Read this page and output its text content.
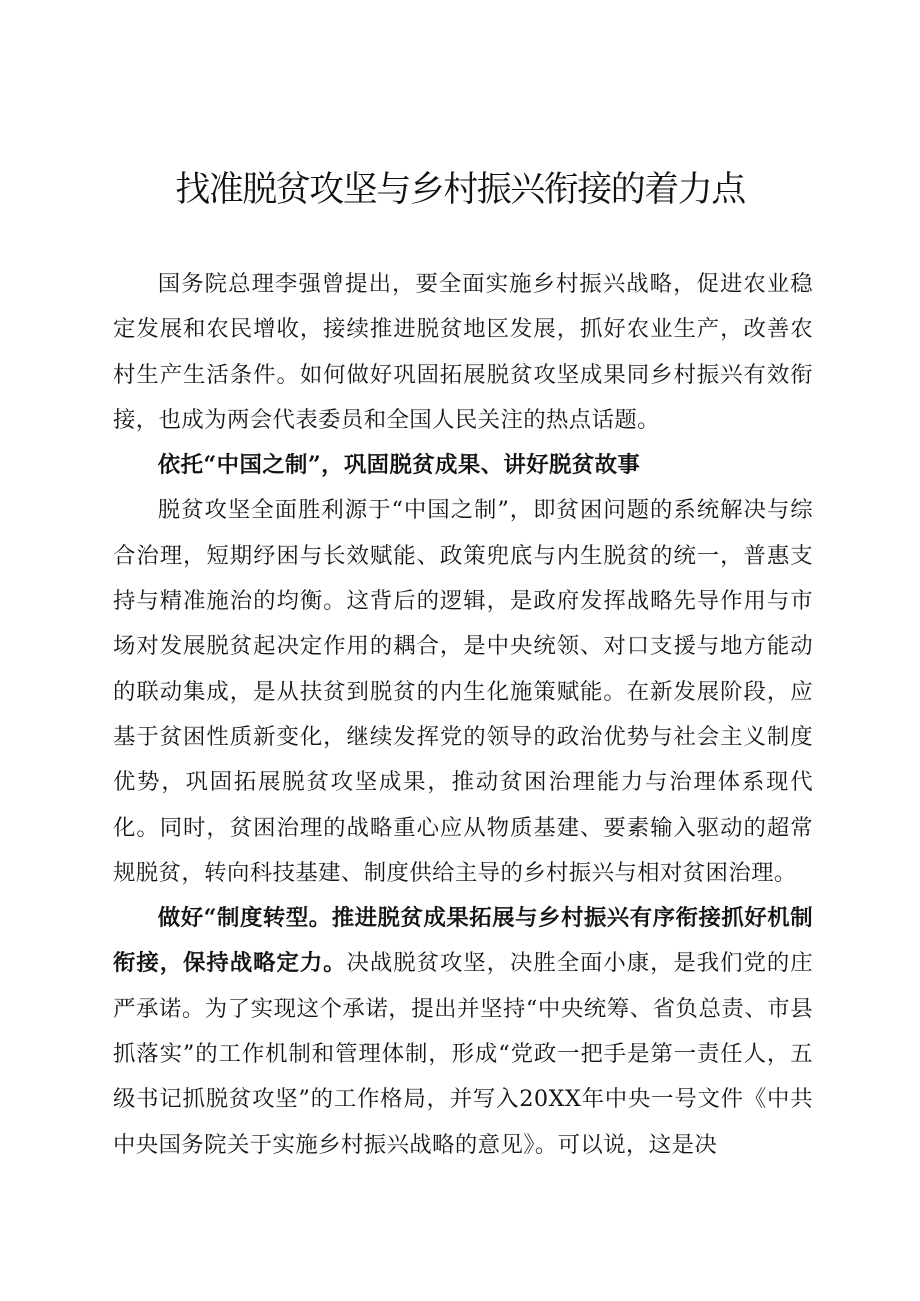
找准脱贫攻坚与乡村振兴衔接的着力点

国务院总理李强曾提出，要全面实施乡村振兴战略，促进农业稳定发展和农民增收，接续推进脱贫地区发展，抓好农业生产，改善农村生产生活条件。如何做好巩固拓展脱贫攻坚成果同乡村振兴有效衔接，也成为两会代表委员和全国人民关注的热点话题。

依托“中国之制”，巩固脱贫成果、讲好脱贫故事

脱贫攻坚全面胜利源于“中国之制”，即贫困问题的系统解决与综合治理，短期纾困与长效赋能、政策兜底与内生脱贫的统一，普惠支持与精准施治的均衡。这背后的逻辑，是政府发挥战略先导作用与市场对发展脱贫起决定作用的耦合，是中央统领、对口支援与地方能动的联动集成，是从扶贫到脱贫的内生化施策赋能。在新发展阶段，应基于贫困性质新变化，继续发挥党的领导的政治优势与社会主义制度优势，巩固拓展脱贫攻坚成果，推动贫困治理能力与治理体系现代化。同时，贫困治理的战略重心应从物质基建、要素输入驱动的超常规脱贫，转向科技基建、制度供给主导的乡村振兴与相对贫困治理。

做好“制度转型。推进脱贫成果拓展与乡村振兴有序衔接抓好机制衔接，保持战略定力。决战脱贫攻坚，决胜全面小康，是我们党的庄严承诺。为了实现这个承诺，提出并坚持“中央统筹、省负总责、市县抓落实”的工作机制和管理体制，形成“党政一把手是第一责任人，五级书记抓脱贫攻坚”的工作格局，并写入20XX年中央一号文件《中共中央国务院关于实施乡村振兴战略的意见》。可以说，这是决
